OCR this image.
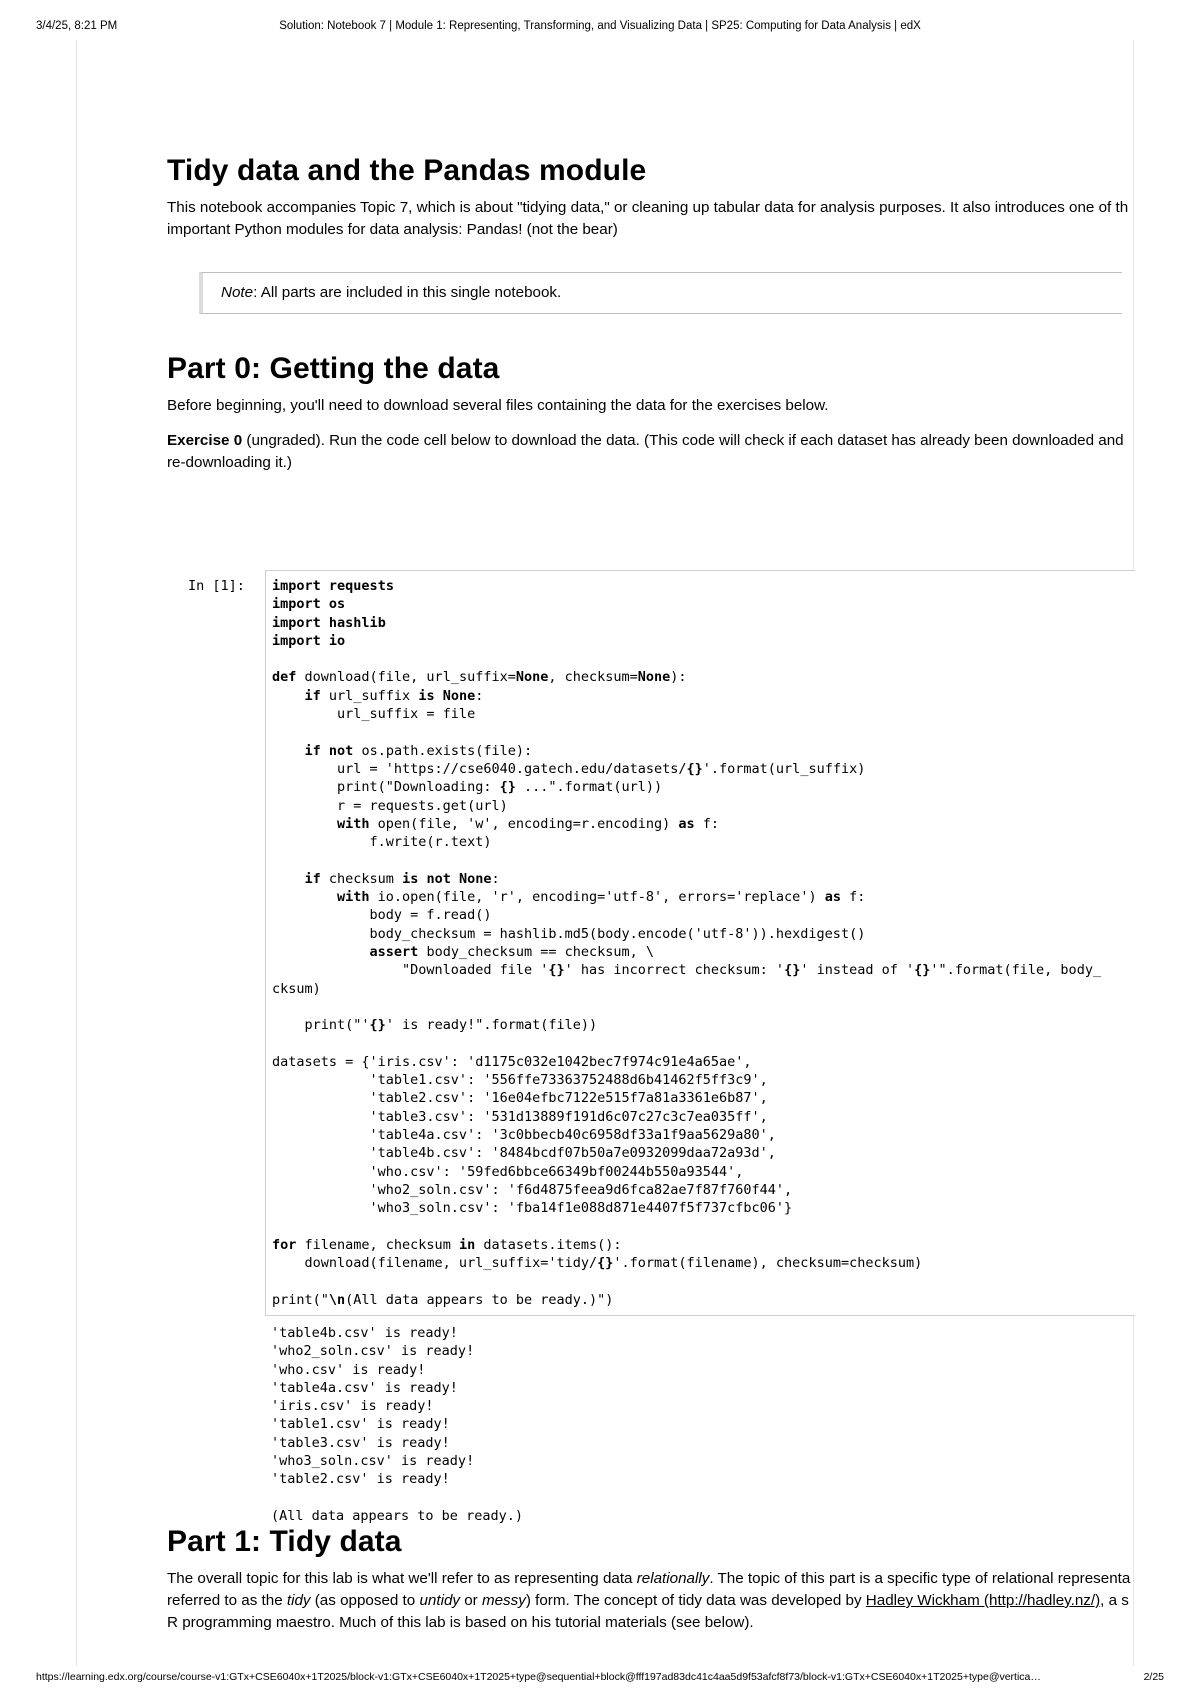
3/4/25, 8:21 PM	Solution: Notebook 7 | Module 1: Representing, Transforming, and Visualizing Data | SP25: Computing for Data Analysis | edX
Tidy data and the Pandas module
This notebook accompanies Topic 7, which is about "tidying data," or cleaning up tabular data for analysis purposes. It also introduces one of th
important Python modules for data analysis: Pandas! (not the bear)
Note: All parts are included in this single notebook.
Part 0: Getting the data
Before beginning, you'll need to download several files containing the data for the exercises below.
Exercise 0 (ungraded). Run the code cell below to download the data. (This code will check if each dataset has already been downloaded and
re-downloading it.)
In [1]:	import requests
import os
import hashlib
import io

def download(file, url_suffix=None, checksum=None):
if url_suffix is None:
url_suffix = file

if not os.path.exists(file):
url = 'https://cse6040.gatech.edu/datasets/{}'.format(url_suffix)
print("Downloading: {} ...".format(url))
r = requests.get(url)
with open(file, 'w', encoding=r.encoding) as f:
f.write(r.text)

if checksum is not None:
with io.open(file, 'r', encoding='utf-8', errors='replace') as f:
body = f.read()
body_checksum = hashlib.md5(body.encode('utf-8')).hexdigest()
assert body_checksum == checksum, \
"Downloaded file '{}' has incorrect checksum: '{}' instead of '{}'".format(file, body_
cksum)

print("'{}' is ready!".format(file))

datasets = {'iris.csv': 'd1175c032e1042bec7f974c91e4a65ae',
'table1.csv': '556ffe73363752488d6b41462f5ff3c9',
'table2.csv': '16e04efbc7122e515f7a81a3361e6b87',
'table3.csv': '531d13889f191d6c07c27c3c7ea035ff',
'table4a.csv': '3c0bbecb40c6958df33a1f9aa5629a80',
'table4b.csv': '8484bcdf07b50a7e0932099daa72a93d',
'who.csv': '59fed6bbce66349bf00244b550a93544',
'who2_soln.csv': 'f6d4875feea9d6fca82ae7f87f760f44',
'who3_soln.csv': 'fba14f1e088d871e4407f5f737cfbc06'}

for filename, checksum in datasets.items():
download(filename, url_suffix='tidy/{}'.format(filename), checksum=checksum)

print("\n(All data appears to be ready.)")
'table4b.csv' is ready!
'who2_soln.csv' is ready!
'who.csv' is ready!
'table4a.csv' is ready!
'iris.csv' is ready!
'table1.csv' is ready!
'table3.csv' is ready!
'who3_soln.csv' is ready!
'table2.csv' is ready!

(All data appears to be ready.)
Part 1: Tidy data
The overall topic for this lab is what we'll refer to as representing data relationally. The topic of this part is a specific type of relational representa
referred to as the tidy (as opposed to untidy or messy) form. The concept of tidy data was developed by Hadley Wickham (http://hadley.nz/), a s
R programming maestro. Much of this lab is based on his tutorial materials (see below).
https://learning.edx.org/course/course-v1:GTx+CSE6040x+1T2025/block-v1:GTx+CSE6040x+1T2025+type@sequential+block@fff197ad83dc41c4aa5d9f53afcf8f73/block-v1:GTx+CSE6040x+1T2025+type@vertica…	2/25
